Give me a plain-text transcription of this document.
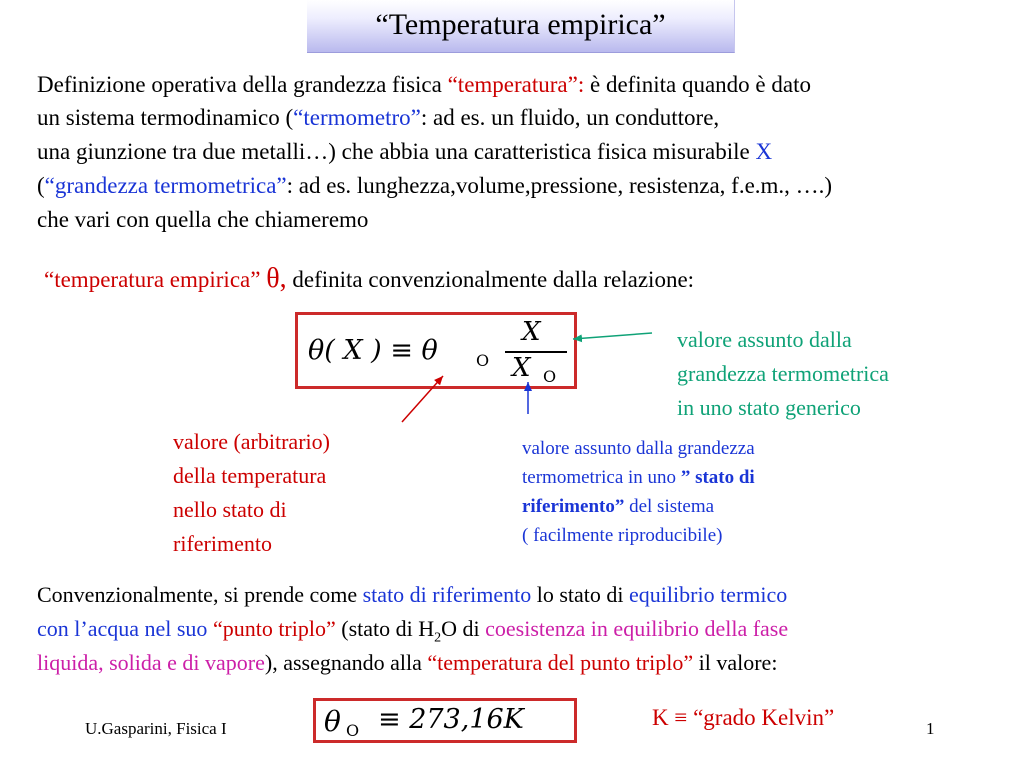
“Temperatura empirica”
Definizione operativa della grandezza fisica “temperatura”: è definita quando è dato
un sistema termodinamico (“termometro”: ad es. un fluido, un conduttore,
una giunzione tra due metalli…) che abbia una caratteristica fisica misurabile X
(“grandezza termometrica”: ad es. lunghezza,volume,pressione, resistenza, f.e.m., ….)
che vari con quella che chiameremo
“temperatura empirica” θ, definita convenzionalmente dalla relazione:
θ( X ) ≡ θ O
X
X O
valore assunto dalla
grandezza termometrica
in uno stato generico
valore (arbitrario)
della temperatura
nello stato di
riferimento
valore assunto dalla grandezza
termometrica in uno ” stato di
riferimento” del sistema
( facilmente riproducibile)
Convenzionalmente, si prende come stato di riferimento lo stato di equilibrio termico
con l’acqua nel suo “punto triplo” (stato di $H_2O$ di coesistenza in equilibrio della fase
liquida, solida e di vapore), assegnando alla “temperatura del punto triplo” il valore:
θ O ≡ 273,16K	K ≡ “grado Kelvin”
U.Gasparini, Fisica I	1
